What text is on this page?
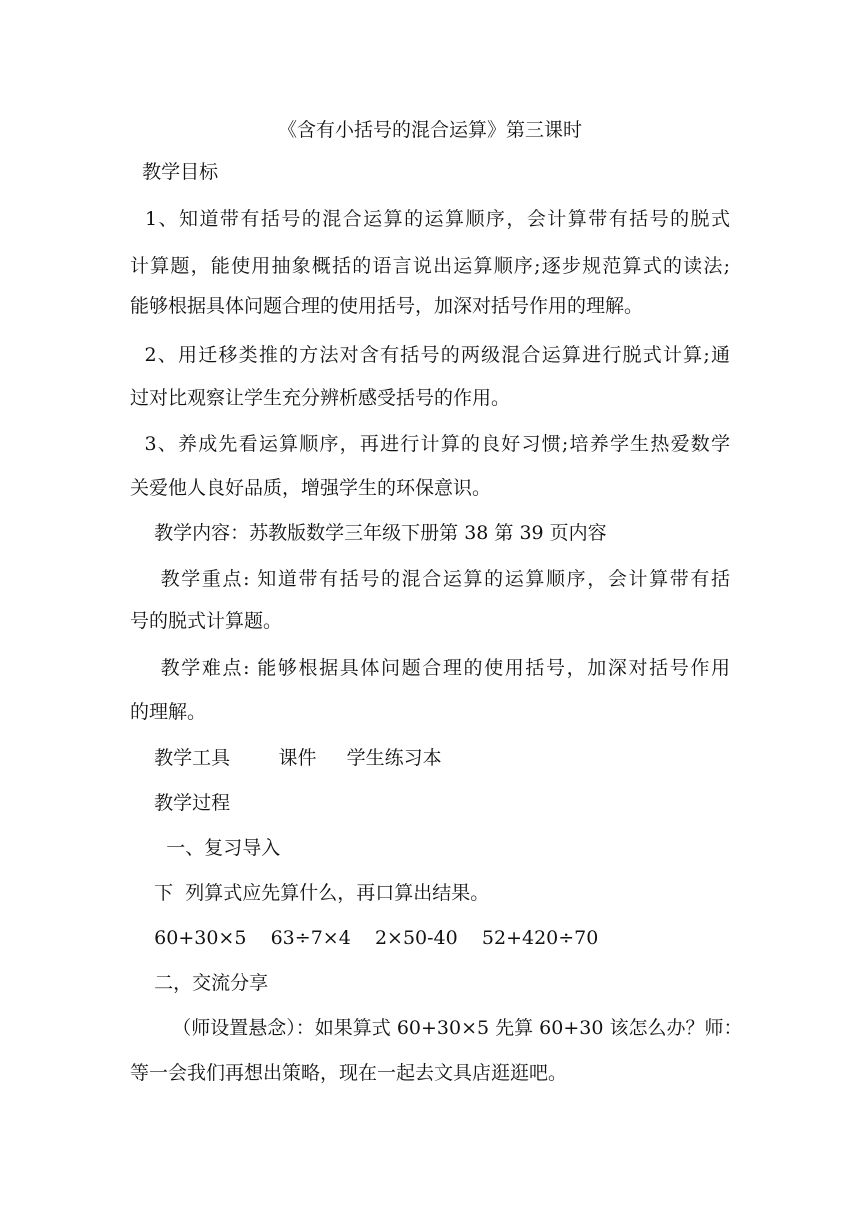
《含有小括号的混合运算》第三课时
教学目标
1、知道带有括号的混合运算的运算顺序，会计算带有括号的脱式
计算题，能使用抽象概括的语言说出运算顺序;逐步规范算式的读法;
能够根据具体问题合理的使用括号，加深对括号作用的理解。
2、用迁移类推的方法对含有括号的两级混合运算进行脱式计算;通
过对比观察让学生充分辨析感受括号的作用。
3、养成先看运算顺序，再进行计算的良好习惯;培养学生热爱数学
关爱他人良好品质，增强学生的环保意识。
教学内容：苏教版数学三年级下册第 38 第 39 页内容
教学重点: 知道带有括号的混合运算的运算顺序，会计算带有括
号的脱式计算题。
教学难点: 能够根据具体问题合理的使用括号，加深对括号作用
的理解。
教学工具        课件     学生练习本
教学过程
一、复习导入
下  列算式应先算什么，再口算出结果。
60+30×5    63÷7×4    2×50-40    52+420÷70
二，交流分享
（师设置悬念）：如果算式 60+30×5 先算 60+30 该怎么办？师：
等一会我们再想出策略，现在一起去文具店逛逛吧。
